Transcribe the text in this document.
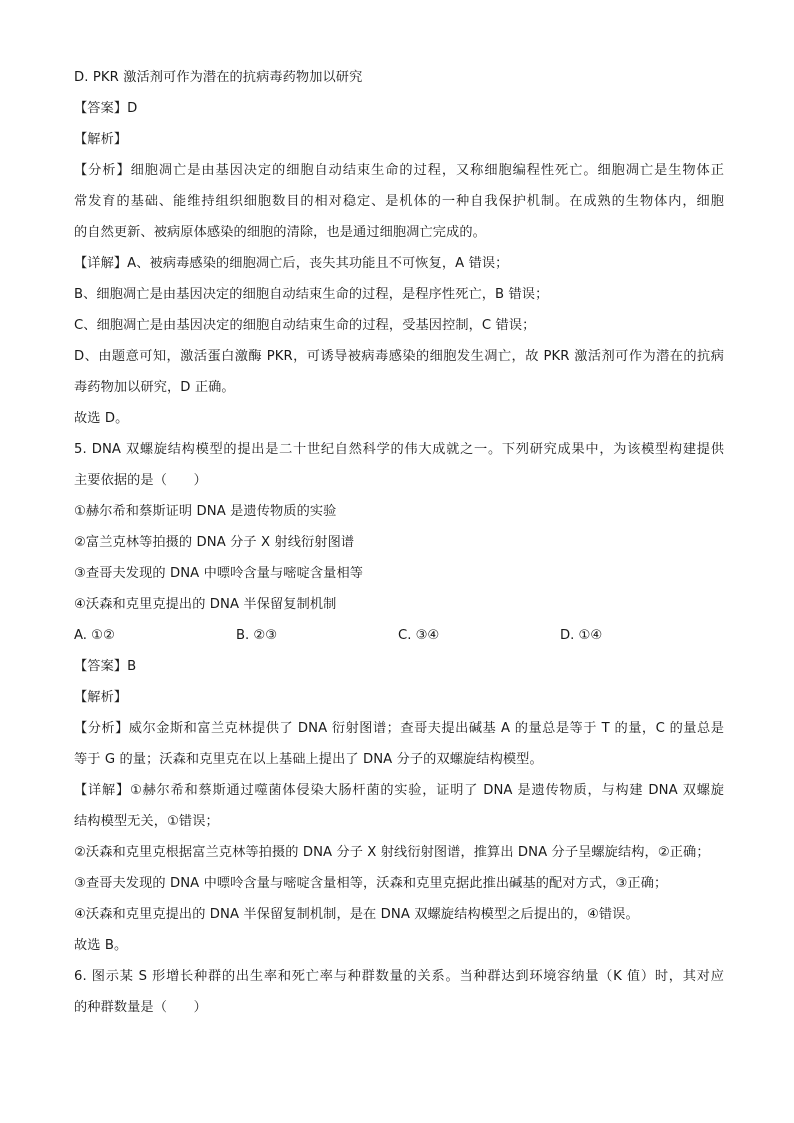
D. PKR 激活剂可作为潜在的抗病毒药物加以研究
【答案】D
【解析】
【分析】细胞凋亡是由基因决定的细胞自动结束生命的过程，又称细胞编程性死亡。细胞凋亡是生物体正
常发育的基础、能维持组织细胞数目的相对稳定、是机体的一种自我保护机制。在成熟的生物体内，细胞
的自然更新、被病原体感染的细胞的清除，也是通过细胞凋亡完成的。
【详解】A、被病毒感染的细胞凋亡后，丧失其功能且不可恢复，A 错误；
B、细胞凋亡是由基因决定的细胞自动结束生命的过程，是程序性死亡，B 错误；
C、细胞凋亡是由基因决定的细胞自动结束生命的过程，受基因控制，C 错误；
D、由题意可知，激活蛋白激酶 PKR，可诱导被病毒感染的细胞发生凋亡，故 PKR 激活剂可作为潜在的抗病
毒药物加以研究，D 正确。
故选 D。
5. DNA 双螺旋结构模型的提出是二十世纪自然科学的伟大成就之一。下列研究成果中，为该模型构建提供
主要依据的是（　　）
①赫尔希和蔡斯证明 DNA 是遗传物质的实验
②富兰克林等拍摄的 DNA 分子 X 射线衍射图谱
③查哥夫发现的 DNA 中嘌呤含量与嘧啶含量相等
④沃森和克里克提出的 DNA 半保留复制机制
A. ①②	B. ②③	C. ③④	D. ①④
【答案】B
【解析】
【分析】威尔金斯和富兰克林提供了 DNA 衍射图谱；查哥夫提出碱基 A 的量总是等于 T 的量，C 的量总是
等于 G 的量；沃森和克里克在以上基础上提出了 DNA 分子的双螺旋结构模型。
【详解】①赫尔希和蔡斯通过噬菌体侵染大肠杆菌的实验，证明了 DNA 是遗传物质，与构建 DNA 双螺旋
结构模型无关，①错误；
②沃森和克里克根据富兰克林等拍摄的 DNA 分子 X 射线衍射图谱，推算出 DNA 分子呈螺旋结构，②正确；
③查哥夫发现的 DNA 中嘌呤含量与嘧啶含量相等，沃森和克里克据此推出碱基的配对方式，③正确；
④沃森和克里克提出的 DNA 半保留复制机制，是在 DNA 双螺旋结构模型之后提出的，④错误。
故选 B。
6. 图示某 S 形增长种群的出生率和死亡率与种群数量的关系。当种群达到环境容纳量（K 值）时，其对应
的种群数量是（　　）
